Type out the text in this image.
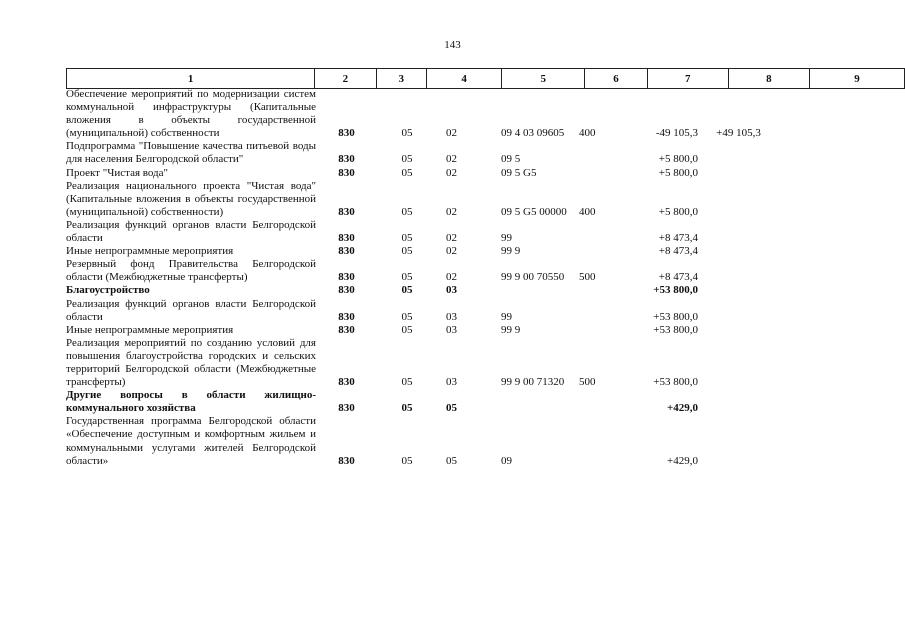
143
1	2	3	4	5	6	7	8	9
Обеспечение мероприятий по модернизации систем коммунальной инфраструктуры (Капитальные вложения в объекты государственной (муниципальной) собственности	830	05	02	09 4 03 09605	400	-49 105,3	+49 105,3	
Подпрограмма "Повышение качества питьевой воды для населения Белгородской области"	830	05	02	09 5		+5 800,0		
Проект "Чистая вода"	830	05	02	09 5 G5		+5 800,0		
Реализация национального проекта "Чистая вода" (Капитальные вложения в объекты государственной (муниципальной) собственности)	830	05	02	09 5 G5 00000	400	+5 800,0		
Реализация функций органов власти Белгородской области	830	05	02	99		+8 473,4		
Иные непрограммные мероприятия	830	05	02	99 9		+8 473,4		
Резервный фонд Правительства Белгородской области (Межбюджетные трансферты)	830	05	02	99 9 00 70550	500	+8 473,4		
Благоустройство	830	05	03			+53 800,0		
Реализация функций органов власти Белгородской области	830	05	03	99		+53 800,0		
Иные непрограммные мероприятия	830	05	03	99 9		+53 800,0		
Реализация мероприятий по созданию условий для повышения благоустройства городских и сельских территорий Белгородской области (Межбюджетные трансферты)	830	05	03	99 9 00 71320	500	+53 800,0		
Другие вопросы в области жилищно-коммунального хозяйства	830	05	05			+429,0		
Государственная программа Белгородской области «Обеспечение доступным и комфортным жильем и коммунальными услугами жителей Белгородской области»	830	05	05	09		+429,0		
